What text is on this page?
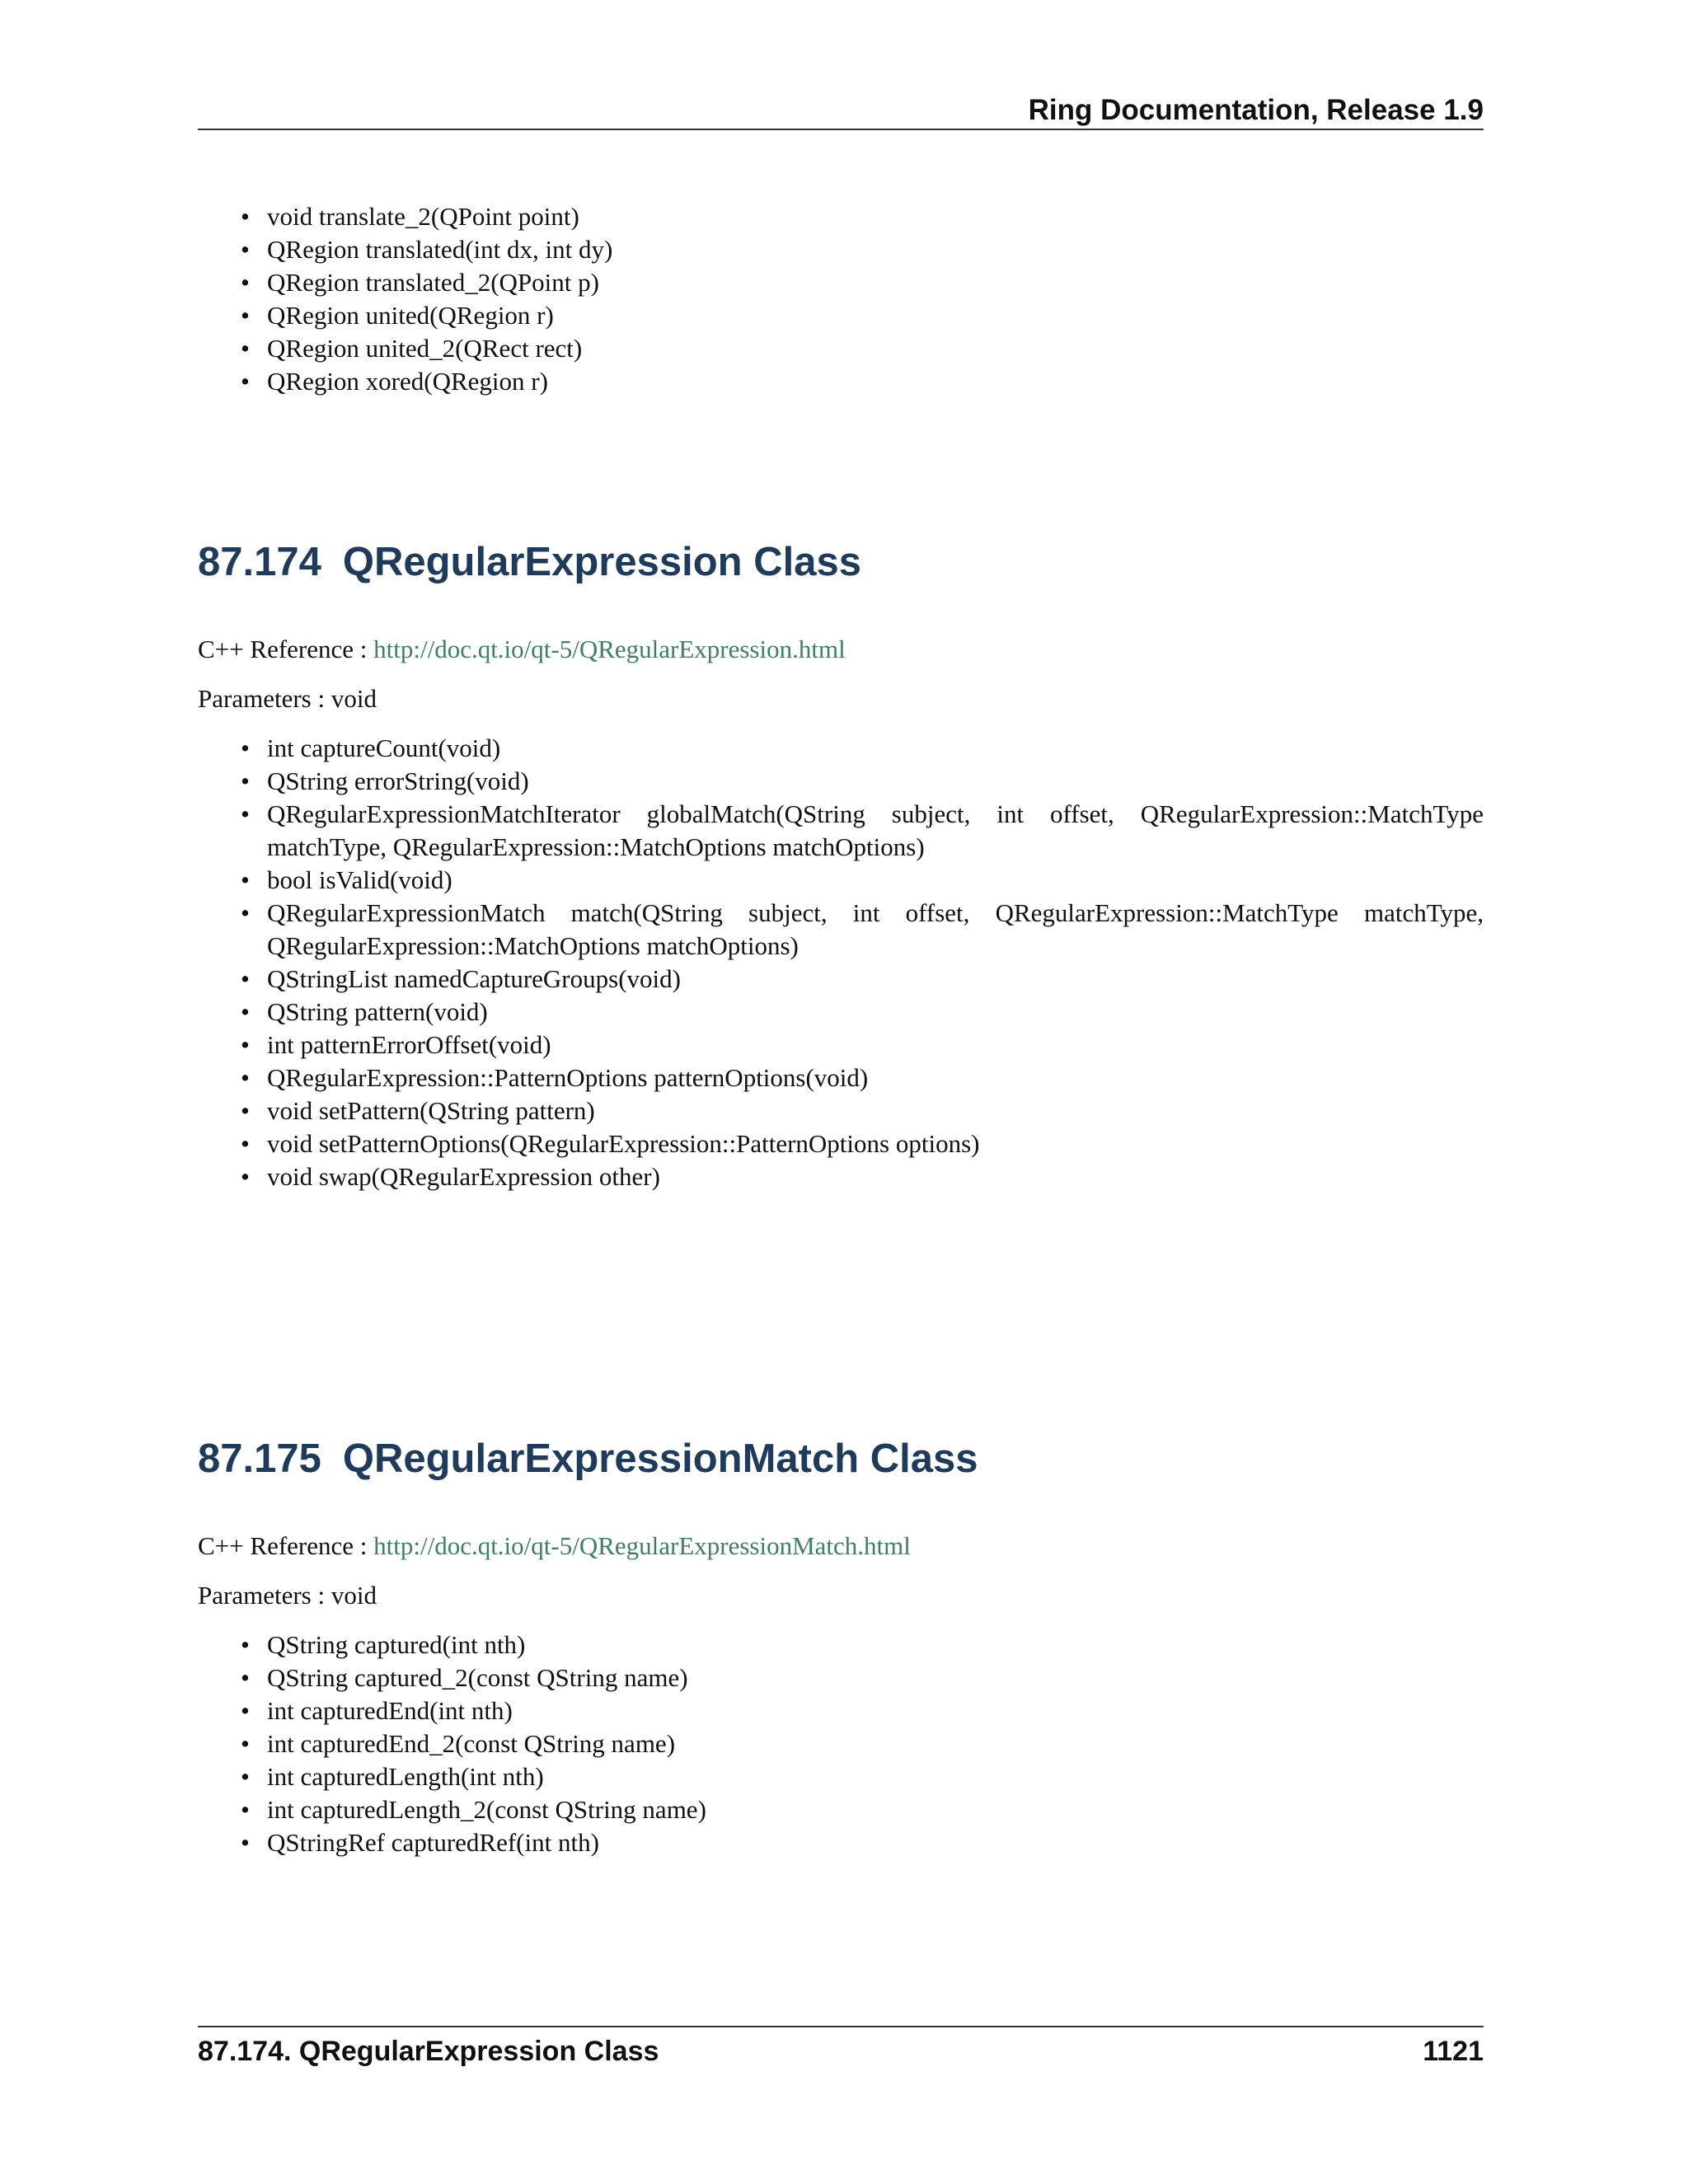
Ring Documentation, Release 1.9
• void translate_2(QPoint point)
• QRegion translated(int dx, int dy)
• QRegion translated_2(QPoint p)
• QRegion united(QRegion r)
• QRegion united_2(QRect rect)
• QRegion xored(QRegion r)
87.174 QRegularExpression Class
C++ Reference : http://doc.qt.io/qt-5/QRegularExpression.html
Parameters : void
• int captureCount(void)
• QString errorString(void)
• QRegularExpressionMatchIterator globalMatch(QString subject, int offset, QRegularExpression::MatchType matchType, QRegularExpression::MatchOptions matchOptions)
• bool isValid(void)
• QRegularExpressionMatch match(QString subject, int offset, QRegularExpression::MatchType matchType, QRegularExpression::MatchOptions matchOptions)
• QStringList namedCaptureGroups(void)
• QString pattern(void)
• int patternErrorOffset(void)
• QRegularExpression::PatternOptions patternOptions(void)
• void setPattern(QString pattern)
• void setPatternOptions(QRegularExpression::PatternOptions options)
• void swap(QRegularExpression other)
87.175 QRegularExpressionMatch Class
C++ Reference : http://doc.qt.io/qt-5/QRegularExpressionMatch.html
Parameters : void
• QString captured(int nth)
• QString captured_2(const QString name)
• int capturedEnd(int nth)
• int capturedEnd_2(const QString name)
• int capturedLength(int nth)
• int capturedLength_2(const QString name)
• QStringRef capturedRef(int nth)
87.174. QRegularExpression Class	1121
